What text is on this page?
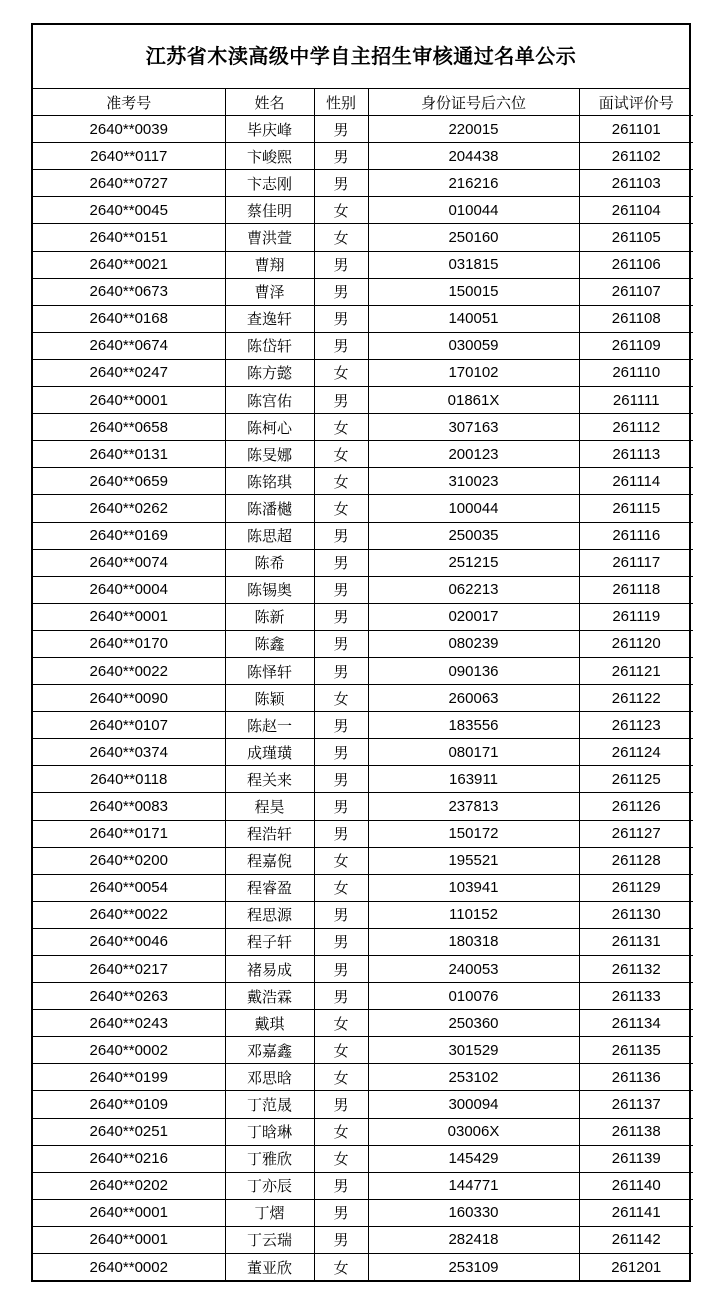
江苏省木渎高级中学自主招生审核通过名单公示
准考号	姓名	性别	身份证号后六位	面试评价号
2640**0039	毕庆峰	男	220015	261101
2640**0117	卞峻熙	男	204438	261102
2640**0727	卞志刚	男	216216	261103
2640**0045	蔡佳明	女	010044	261104
2640**0151	曹洪萱	女	250160	261105
2640**0021	曹翔	男	031815	261106
2640**0673	曹泽	男	150015	261107
2640**0168	查逸轩	男	140051	261108
2640**0674	陈岱轩	男	030059	261109
2640**0247	陈方懿	女	170102	261110
2640**0001	陈宫佑	男	01861X	261111
2640**0658	陈柯心	女	307163	261112
2640**0131	陈旻娜	女	200123	261113
2640**0659	陈铭琪	女	310023	261114
2640**0262	陈潘樾	女	100044	261115
2640**0169	陈思超	男	250035	261116
2640**0074	陈希	男	251215	261117
2640**0004	陈锡奥	男	062213	261118
2640**0001	陈新	男	020017	261119
2640**0170	陈鑫	男	080239	261120
2640**0022	陈怿轩	男	090136	261121
2640**0090	陈颖	女	260063	261122
2640**0107	陈赵一	男	183556	261123
2640**0374	成瑾璜	男	080171	261124
2640**0118	程关来	男	163911	261125
2640**0083	程昊	男	237813	261126
2640**0171	程浩轩	男	150172	261127
2640**0200	程嘉倪	女	195521	261128
2640**0054	程睿盈	女	103941	261129
2640**0022	程思源	男	110152	261130
2640**0046	程子轩	男	180318	261131
2640**0217	褚易成	男	240053	261132
2640**0263	戴浩霖	男	010076	261133
2640**0243	戴琪	女	250360	261134
2640**0002	邓嘉鑫	女	301529	261135
2640**0199	邓思晗	女	253102	261136
2640**0109	丁范晟	男	300094	261137
2640**0251	丁晗琳	女	03006X	261138
2640**0216	丁雅欣	女	145429	261139
2640**0202	丁亦辰	男	144771	261140
2640**0001	丁熠	男	160330	261141
2640**0001	丁云瑞	男	282418	261142
2640**0002	董亚欣	女	253109	261201
